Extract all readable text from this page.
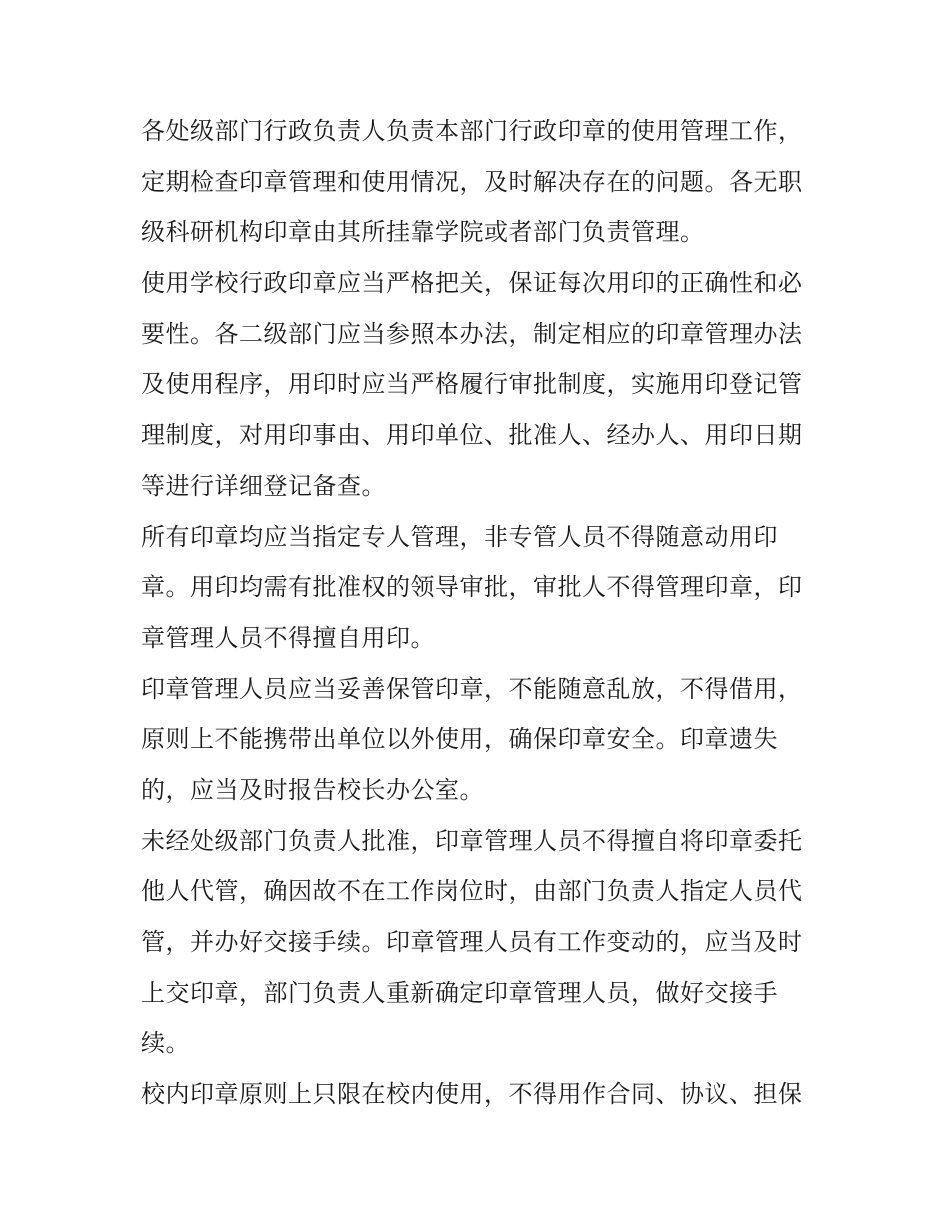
各处级部门行政负责人负责本部门行政印章的使用管理工作，
定期检查印章管理和使用情况，及时解决存在的问题。各无职
级科研机构印章由其所挂靠学院或者部门负责管理。
使用学校行政印章应当严格把关，保证每次用印的正确性和必
要性。各二级部门应当参照本办法，制定相应的印章管理办法
及使用程序，用印时应当严格履行审批制度，实施用印登记管
理制度，对用印事由、用印单位、批准人、经办人、用印日期
等进行详细登记备查。
所有印章均应当指定专人管理，非专管人员不得随意动用印
章。用印均需有批准权的领导审批，审批人不得管理印章，印
章管理人员不得擅自用印。
印章管理人员应当妥善保管印章，不能随意乱放，不得借用，
原则上不能携带出单位以外使用，确保印章安全。印章遗失
的，应当及时报告校长办公室。
未经处级部门负责人批准，印章管理人员不得擅自将印章委托
他人代管，确因故不在工作岗位时，由部门负责人指定人员代
管，并办好交接手续。印章管理人员有工作变动的，应当及时
上交印章，部门负责人重新确定印章管理人员，做好交接手
续。
校内印章原则上只限在校内使用，不得用作合同、协议、担保
